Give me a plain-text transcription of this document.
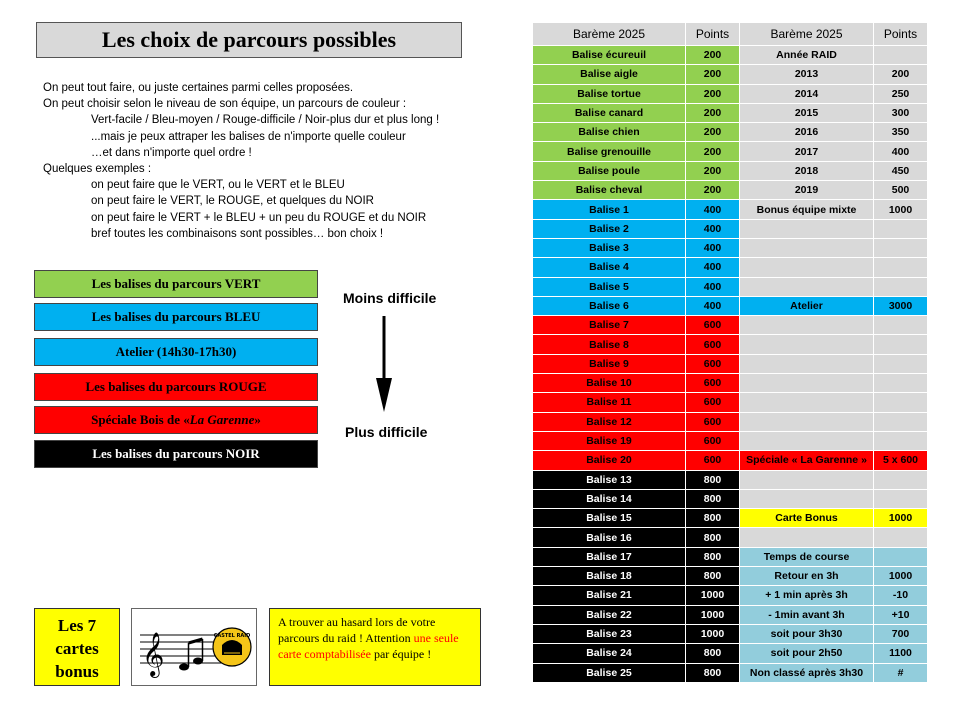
Les choix de parcours possibles
On peut tout faire, ou juste certaines parmi celles proposées.
On peut choisir selon le niveau de son équipe, un parcours de couleur :
Vert-facile / Bleu-moyen / Rouge-difficile / Noir-plus dur et plus long !
...mais je peux attraper les balises de n'importe quelle couleur
…et dans n'importe quel ordre !
Quelques exemples :
on peut faire que le VERT, ou le VERT et le BLEU
on peut faire le VERT, le ROUGE, et quelques du NOIR
on peut faire le VERT + le BLEU + un peu du ROUGE et du NOIR
bref toutes les combinaisons sont possibles… bon choix !
Les balises du parcours VERT
Les balises du parcours BLEU
Atelier (14h30-17h30)
Les balises du parcours ROUGE
Spéciale Bois de « La Garenne »
Les balises du parcours NOIR
Moins difficile
Plus difficile
Les 7
cartes
bonus	𝄞	CASTEL RAID
A trouver au hasard lors de votre parcours du raid ! Attention une seule carte comptabilisée par équipe !
Barème 2025	Points	Barème 2025	Points
Balise écureuil	200	Année RAID	
Balise aigle	200	2013	200
Balise tortue	200	2014	250
Balise canard	200	2015	300
Balise chien	200	2016	350
Balise grenouille	200	2017	400
Balise poule	200	2018	450
Balise cheval	200	2019	500
Balise 1	400	Bonus équipe mixte	1000
Balise 2	400		
Balise 3	400		
Balise 4	400		
Balise 5	400		
Balise 6	400	Atelier	3000
Balise 7	600		
Balise 8	600		
Balise 9	600		
Balise 10	600		
Balise 11	600		
Balise 12	600		
Balise 19	600		
Balise 20	600	Spéciale « La Garenne »	5 x 600
Balise 13	800		
Balise 14	800		
Balise 15	800	Carte Bonus	1000
Balise 16	800		
Balise 17	800	Temps de course	
Balise 18	800	Retour en 3h	1000
Balise 21	1000	+ 1 min après 3h	-10
Balise 22	1000	- 1min avant 3h	+10
Balise 23	1000	soit pour 3h30	700
Balise 24	800	soit pour 2h50	1100
Balise 25	800	Non classé après 3h30	#
